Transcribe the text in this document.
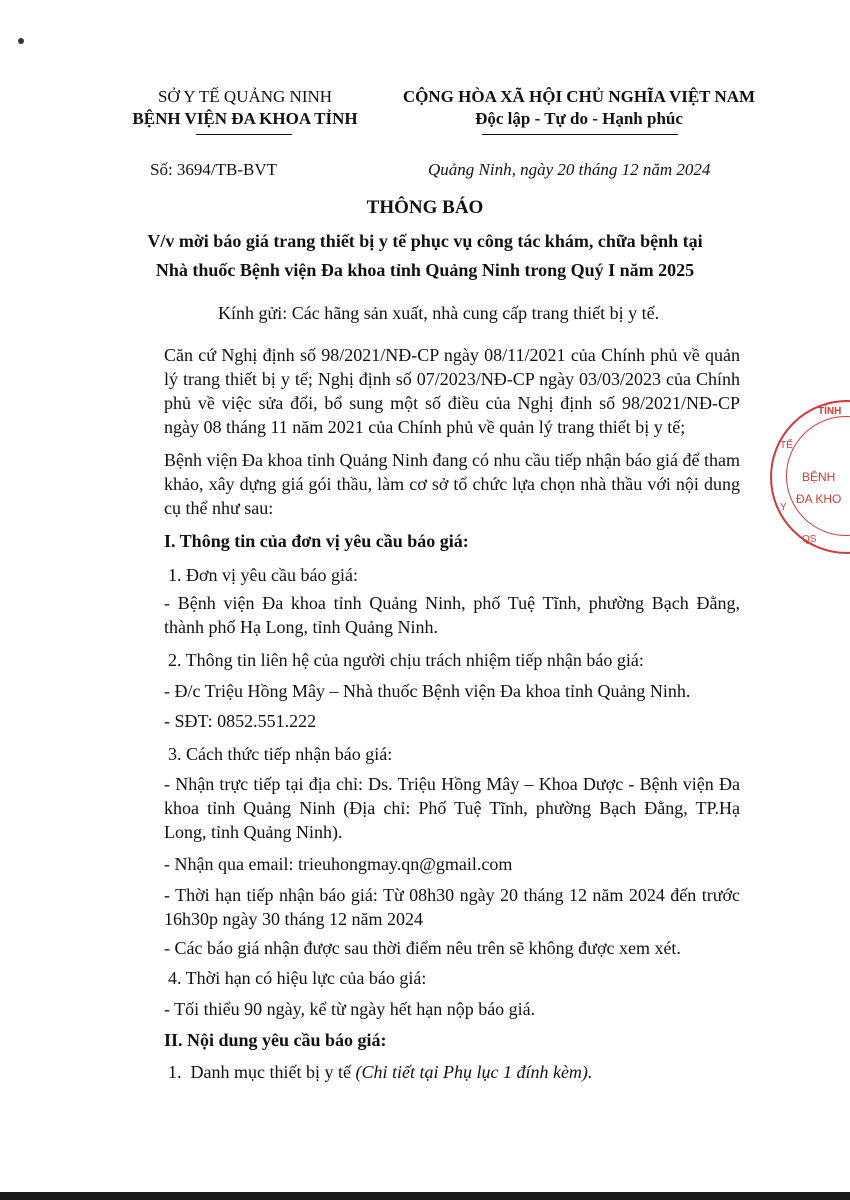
SỞ Y TẾ QUẢNG NINH
BỆNH VIỆN ĐA KHOA TỈNH
CỘNG HÒA XÃ HỘI CHỦ NGHĨA VIỆT NAM
Độc lập - Tự do - Hạnh phúc
Số: 3694/TB-BVT	Quảng Ninh, ngày 20 tháng 12 năm 2024
THÔNG BÁO
V/v mời báo giá trang thiết bị y tế phục vụ công tác khám, chữa bệnh tại
Nhà thuốc Bệnh viện Đa khoa tỉnh Quảng Ninh trong Quý I năm 2025
Kính gửi: Các hãng sản xuất, nhà cung cấp trang thiết bị y tế.
Căn cứ Nghị định số 98/2021/NĐ-CP ngày 08/11/2021 của Chính phủ về quản lý trang thiết bị y tế; Nghị định số 07/2023/NĐ-CP ngày 03/03/2023 của Chính phủ về việc sửa đổi, bổ sung một số điều của Nghị định số 98/2021/NĐ-CP ngày 08 tháng 11 năm 2021 của Chính phủ về quản lý trang thiết bị y tế;
Bệnh viện Đa khoa tỉnh Quảng Ninh đang có nhu cầu tiếp nhận báo giá để tham khảo, xây dựng giá gói thầu, làm cơ sở tổ chức lựa chọn nhà thầu với nội dung cụ thể như sau:
I. Thông tin của đơn vị yêu cầu báo giá:
1. Đơn vị yêu cầu báo giá:
- Bệnh viện Đa khoa tỉnh Quảng Ninh, phố Tuệ Tĩnh, phường Bạch Đằng, thành phố Hạ Long, tỉnh Quảng Ninh.
2. Thông tin liên hệ của người chịu trách nhiệm tiếp nhận báo giá:
- Đ/c Triệu Hồng Mây – Nhà thuốc Bệnh viện Đa khoa tỉnh Quảng Ninh.
- SĐT: 0852.551.222
3. Cách thức tiếp nhận báo giá:
- Nhận trực tiếp tại địa chỉ: Ds. Triệu Hồng Mây – Khoa Dược - Bệnh viện Đa khoa tỉnh Quảng Ninh (Địa chỉ: Phố Tuệ Tĩnh, phường Bạch Đằng, TP.Hạ Long, tỉnh Quảng Ninh).
- Nhận qua email: trieuhongmay.qn@gmail.com
- Thời hạn tiếp nhận báo giá: Từ 08h30 ngày 20 tháng 12 năm 2024 đến trước 16h30p ngày 30 tháng 12 năm 2024
- Các báo giá nhận được sau thời điểm nêu trên sẽ không được xem xét.
4. Thời hạn có hiệu lực của báo giá:
- Tối thiểu 90 ngày, kể từ ngày hết hạn nộp báo giá.
II. Nội dung yêu cầu báo giá:
1.  Danh mục thiết bị y tế (Chi tiết tại Phụ lục 1 đính kèm).
TỈNH
TẾ
BỆNH
ĐA KHO
Y
QS
